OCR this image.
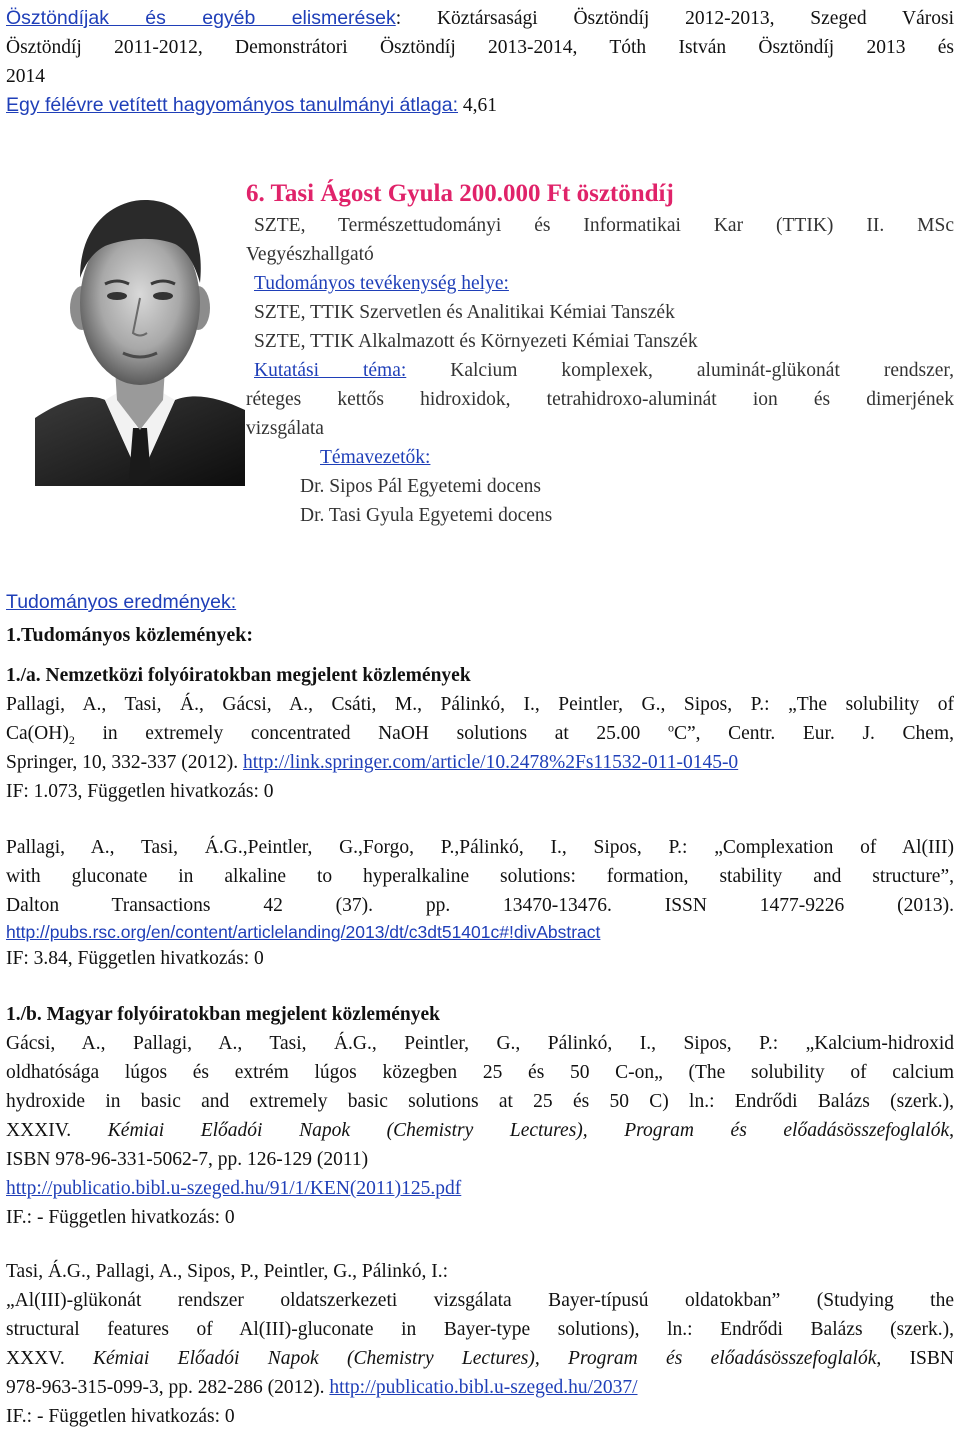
Ösztöndíjak és egyéb elismerések: Köztársasági Ösztöndíj 2012-2013, Szeged Városi
Ösztöndíj 2011-2012, Demonstrátori Ösztöndíj 2013-2014, Tóth István Ösztöndíj 2013 és
2014
Egy félévre vetített hagyományos tanulmányi átlaga: 4,61
6. Tasi Ágost Gyula 200.000 Ft ösztöndíj
SZTE, Természettudományi és Informatikai Kar (TTIK) II. MSc
Vegyészhallgató
Tudományos tevékenység helye:
SZTE, TTIK Szervetlen és Analitikai Kémiai Tanszék
SZTE, TTIK Alkalmazott és Környezeti Kémiai Tanszék
Kutatási téma: Kalcium komplexek, aluminát-glükonát rendszer,
réteges kettős hidroxidok, tetrahidroxo-aluminát ion és dimerjének
vizsgálata
Témavezetők:
Dr. Sipos Pál Egyetemi docens
Dr. Tasi Gyula Egyetemi docens
Tudományos eredmények:
1.Tudományos közlemények:
1./a. Nemzetközi folyóiratokban megjelent közlemények
Pallagi, A., Tasi, Á., Gácsi, A., Csáti, M., Pálinkó, I., Peintler, G., Sipos, P.: „The solubility of
$Ca(OH)_2$ in extremely concentrated NaOH solutions at 25.00 $^o$C”, Centr. Eur. J. Chem,
Springer, 10, 332-337 (2012). http://link.springer.com/article/10.2478%2Fs11532-011-0145-0
IF: 1.073, Független hivatkozás: 0
Pallagi, A., Tasi, Á.G.,Peintler, G.,Forgo, P.,Pálinkó, I., Sipos, P.: „Complexation of Al(III)
with gluconate in alkaline to hyperalkaline solutions: formation, stability and structure”,
Dalton Transactions 42 (37). pp. 13470-13476. ISSN 1477-9226 (2013).
http://pubs.rsc.org/en/content/articlelanding/2013/dt/c3dt51401c#!divAbstract
IF: 3.84, Független hivatkozás: 0
1./b. Magyar folyóiratokban megjelent közlemények
Gácsi, A., Pallagi, A., Tasi, Á.G., Peintler, G., Pálinkó, I., Sipos, P.: „Kalcium-hidroxid
oldhatósága lúgos és extrém lúgos közegben 25 és 50 C-on„ (The solubility of calcium
hydroxide in basic and extremely basic solutions at 25 és 50 C) ln.: Endrődi Balázs (szerk.),
XXXIV. Kémiai Előadói Napok (Chemistry Lectures), Program és előadásösszefoglalók,
ISBN 978-96-331-5062-7, pp. 126-129 (2011)
http://publicatio.bibl.u-szeged.hu/91/1/KEN(2011)125.pdf
IF.: - Független hivatkozás: 0
Tasi, Á.G., Pallagi, A., Sipos, P., Peintler, G., Pálinkó, I.:
„Al(III)-glükonát rendszer oldatszerkezeti vizsgálata Bayer-típusú oldatokban” (Studying the
structural features of Al(III)-gluconate in Bayer-type solutions), ln.: Endrődi Balázs (szerk.),
XXXV. Kémiai Előadói Napok (Chemistry Lectures), Program és előadásösszefoglalók, ISBN
978-963-315-099-3, pp. 282-286 (2012). http://publicatio.bibl.u-szeged.hu/2037/
IF.: - Független hivatkozás: 0
